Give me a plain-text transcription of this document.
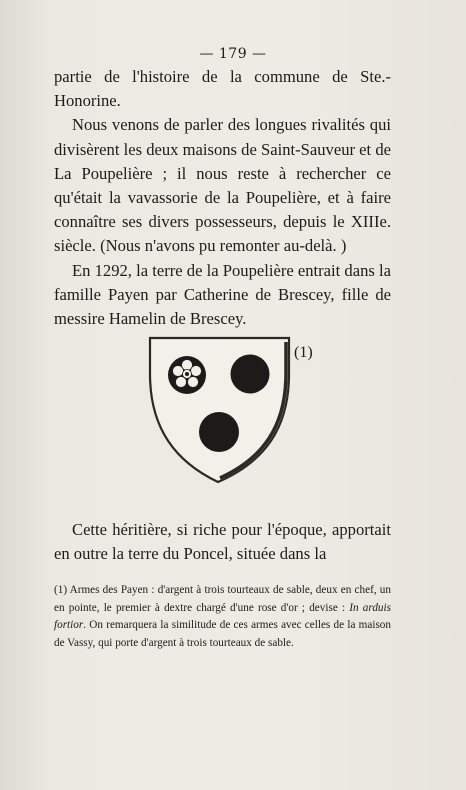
— 179 —

partie de l'histoire de la commune de Ste.-Honorine.

Nous venons de parler des longues rivalités qui divisèrent les deux maisons de Saint-Sauveur et de La Poupelière ; il nous reste à rechercher ce qu'était la vavassorie de la Poupelière, et à faire connaître ses divers possesseurs, depuis le XIIIe. siècle. (Nous n'avons pu remonter au-delà. )

En 1292, la terre de la Poupelière entrait dans la famille Payen par Catherine de Brescey, fille de messire Hamelin de Brescey.

(1)

Cette héritière, si riche pour l'époque, apportait en outre la terre du Poncel, située dans la

(1) Armes des Payen : d'argent à trois tourteaux de sable, deux en chef, un en pointe, le premier à dextre chargé d'une rose d'or ; devise : In arduis fortior. On remarquera la similitude de ces armes avec celles de la maison de Vassy, qui porte d'argent à trois tourteaux de sable.
